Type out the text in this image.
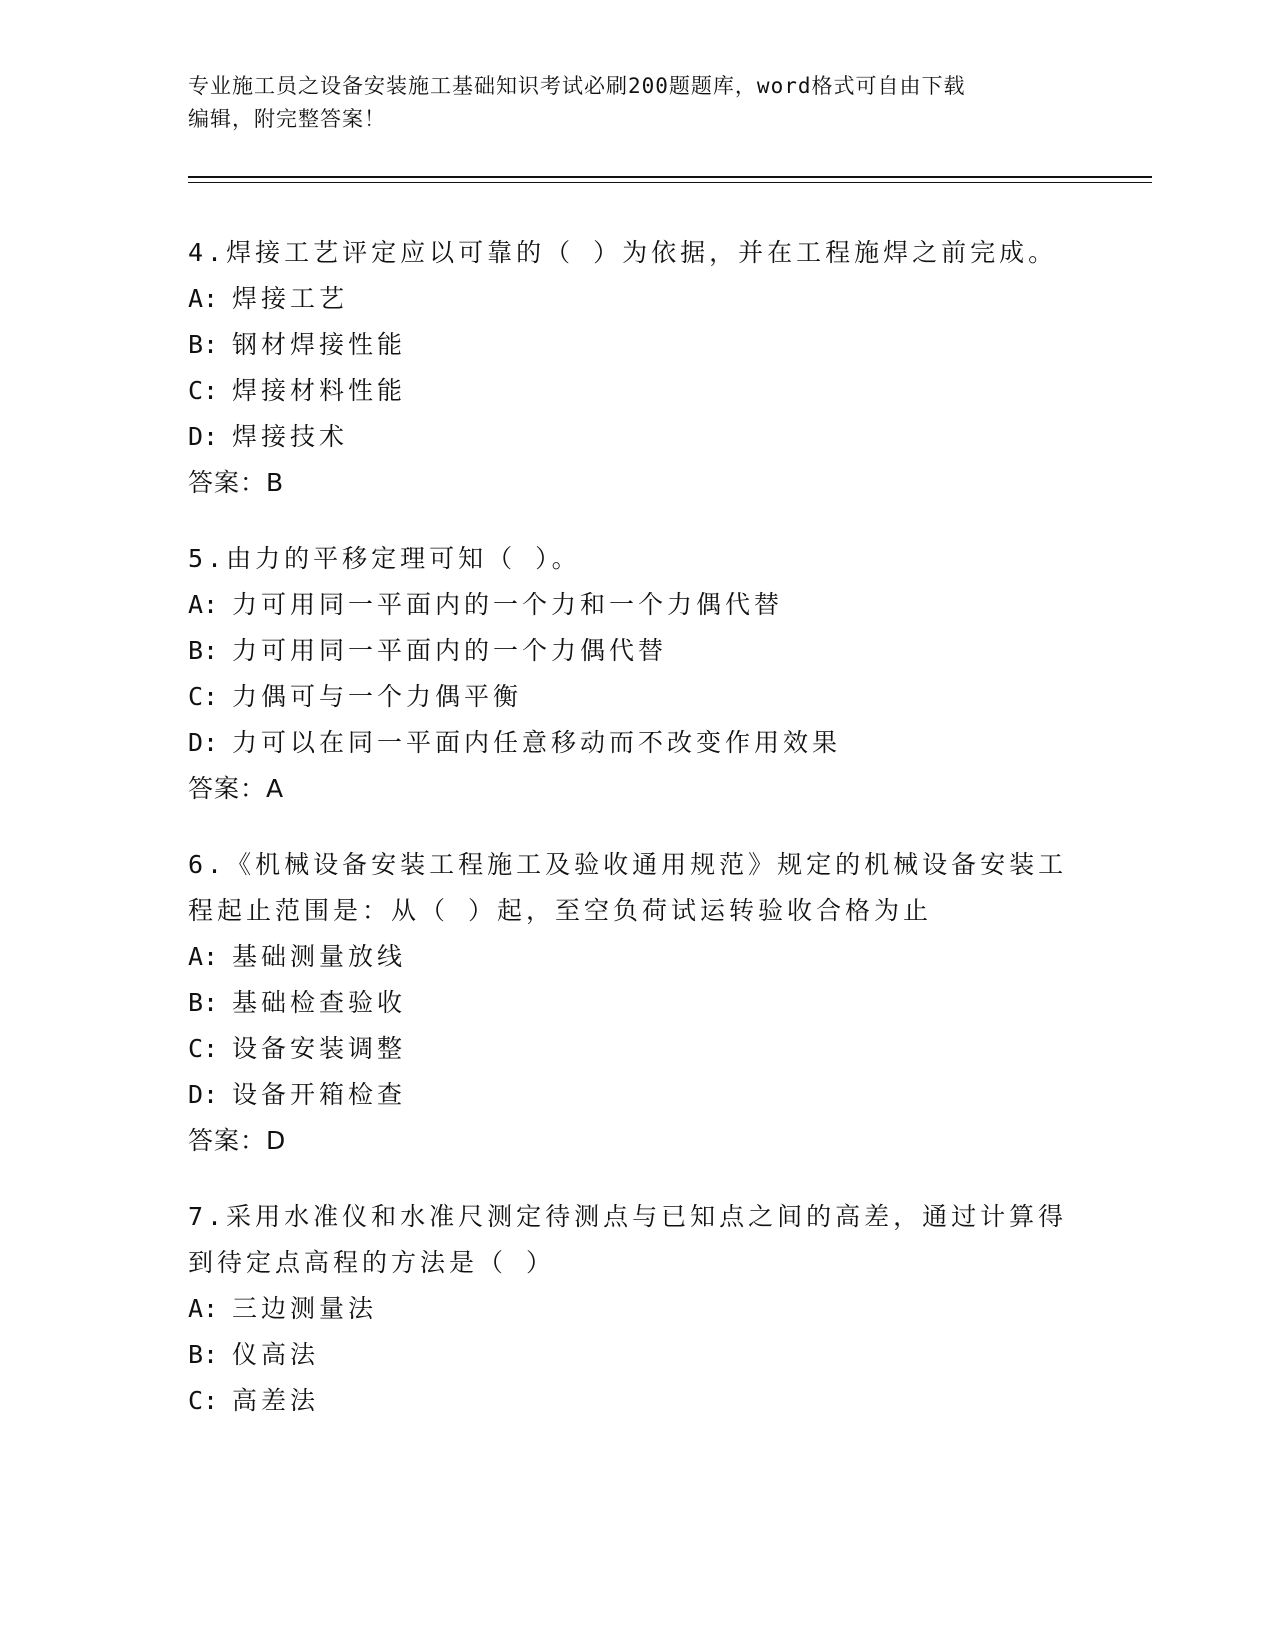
专业施工员之设备安装施工基础知识考试必刷200题题库，word格式可自由下载
编辑，附完整答案！

4.焊接工艺评定应以可靠的（ ）为依据，并在工程施焊之前完成。

A: 焊接工艺

B: 钢材焊接性能

C: 焊接材料性能

D: 焊接技术

答案：B

5.由力的平移定理可知（ ）。

A: 力可用同一平面内的一个力和一个力偶代替

B: 力可用同一平面内的一个力偶代替

C: 力偶可与一个力偶平衡

D: 力可以在同一平面内任意移动而不改变作用效果

答案：A

6.《机械设备安装工程施工及验收通用规范》规定的机械设备安装工程起止范围是：从（ ）起，至空负荷试运转验收合格为止

A: 基础测量放线

B: 基础检查验收

C: 设备安装调整

D: 设备开箱检查

答案：D

7.采用水准仪和水准尺测定待测点与已知点之间的高差，通过计算得到待定点高程的方法是（ ）

A: 三边测量法

B: 仪高法

C: 高差法
